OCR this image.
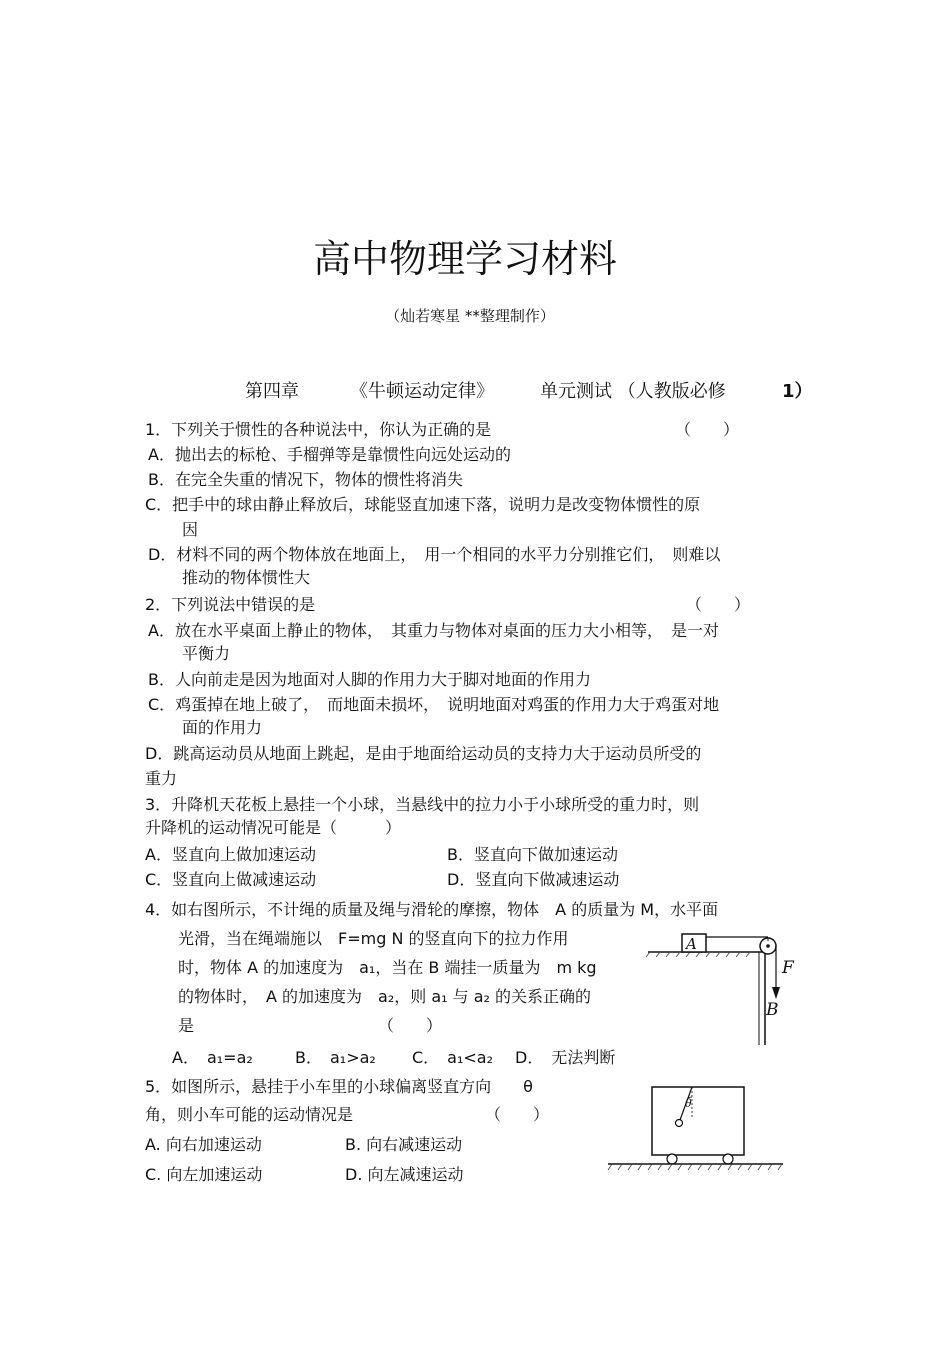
高中物理学习材料
（灿若寒星 **整理制作）
第四章	《牛顿运动定律》	单元测试 （人教版必修	1）
1．下列关于惯性的各种说法中，你认为正确的是	（　　）
A．抛出去的标枪、手榴弹等是靠惯性向远处运动的
B．在完全失重的情况下，物体的惯性将消失
C．把手中的球由静止释放后，球能竖直加速下落，说明力是改变物体惯性的原
因
D．材料不同的两个物体放在地面上，　用一个相同的水平力分别推它们，　则难以
推动的物体惯性大
2．下列说法中错误的是	（　　）
A．放在水平桌面上静止的物体，　其重力与物体对桌面的压力大小相等，　是一对
平衡力
B．人向前走是因为地面对人脚的作用力大于脚对地面的作用力
C．鸡蛋掉在地上破了，　而地面未损坏，　说明地面对鸡蛋的作用力大于鸡蛋对地
面的作用力
D．跳高运动员从地面上跳起，是由于地面给运动员的支持力大于运动员所受的
重力
3．升降机天花板上悬挂一个小球，当悬线中的拉力小于小球所受的重力时，则
升降机的运动情况可能是（　　　）
A．竖直向上做加速运动	B．竖直向下做加速运动
C．竖直向上做减速运动	D．竖直向下做减速运动
4．如右图所示，不计绳的质量及绳与滑轮的摩擦，物体　A 的质量为 M，水平面
光滑，当在绳端施以　F=mg N 的竖直向下的拉力作用
时，物体 A 的加速度为　a₁，当在 B 端挂一质量为　m kg
的物体时，　A 的加速度为　a₂，则 a₁ 与 a₂ 的关系正确的
是	（　　）
A．　a₁=a₂	B．　a₁>a₂ C．　a₁<a₂ D．　无法判断
A
F
B
5．如图所示，悬挂于小车里的小球偏离竖直方向　　θ
角，则小车可能的运动情况是	（　　）
A. 向右加速运动	B. 向右减速运动
C. 向左加速运动	D. 向左减速运动
θ
